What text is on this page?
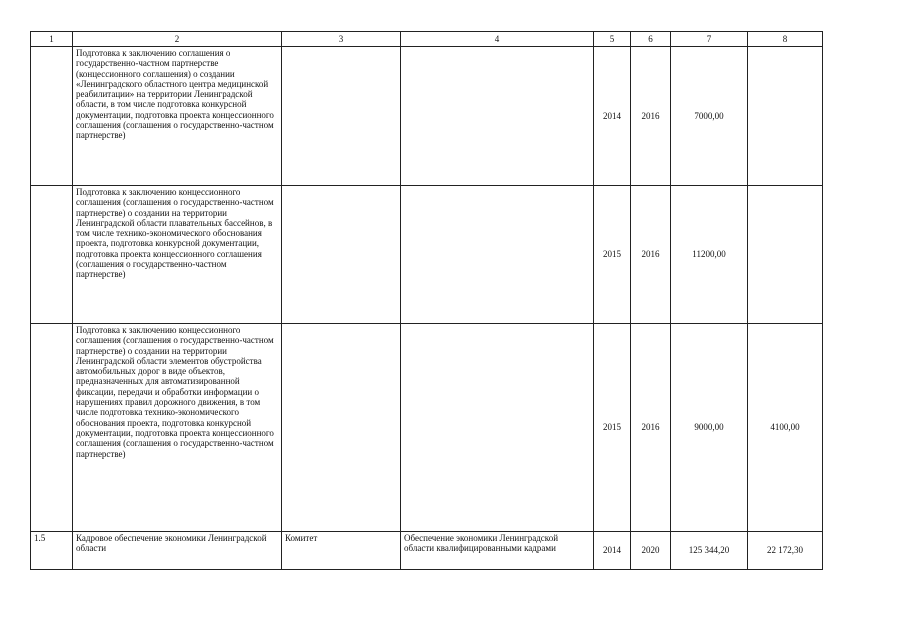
1	2	3	4	5	6	7	8
	Подготовка к заключению соглашения о государственно-частном партнерстве (концессионного соглашения) о создании «Ленинградского областного центра медицинской реабилитации» на территории Ленинградской области, в том числе подготовка конкурсной документации, подготовка проекта концессионного соглашения (соглашения о государственно-частном партнерстве)			2014	2016	7000,00	
	Подготовка к заключению концессионного соглашения (соглашения о государственно-частном партнерстве) о создании на территории Ленинградской области плавательных бассейнов, в том числе технико-экономического обоснования проекта, подготовка конкурсной документации, подготовка проекта концессионного соглашения (соглашения о государственно-частном партнерстве)			2015	2016	11200,00	
	Подготовка к заключению концессионного соглашения (соглашения о государственно-частном партнерстве) о создании на территории Ленинградской области элементов обустройства автомобильных дорог в виде объектов, предназначенных для автоматизированной фиксации, передачи и обработки информации о нарушениях правил дорожного движения, в том числе подготовка технико-экономического обоснования проекта, подготовка конкурсной документации, подготовка проекта концессионного соглашения (соглашения о государственно-частном партнерстве)			2015	2016	9000,00	4100,00
1.5	Кадровое обеспечение экономики Ленинградской области	Комитет	Обеспечение экономики Ленинградской области квалифицированными кадрами	2014	2020	125 344,20	22 172,30
